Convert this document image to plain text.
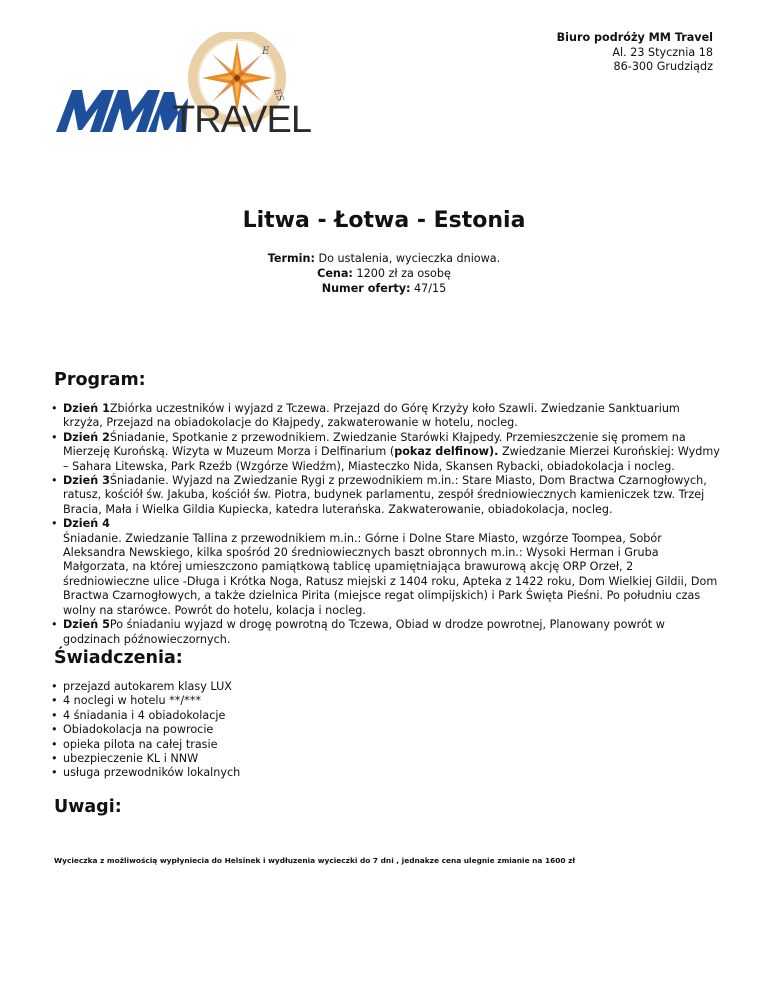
E
ES
TRAVEL
Biuro podróży MM Travel
Al. 23 Stycznia 18
86-300 Grudziądz
Litwa - Łotwa - Estonia
Termin: Do ustalenia, wycieczka dniowa.
Cena: 1200 zł za osobę
Numer oferty: 47/15
Program:
• Dzień 1Zbiórka uczestników i wyjazd z Tczewa. Przejazd do Górę Krzyży koło Szawli. Zwiedzanie Sanktuarium krzyża, Przejazd na obiadokolacje do Kłajpedy, zakwaterowanie w hotelu, nocleg.
• Dzień 2Śniadanie, Spotkanie z przewodnikiem. Zwiedzanie Starówki Kłajpedy. Przemieszczenie się promem na Mierzeję Kurońską. Wizyta w Muzeum Morza i Delfinarium (pokaz delfinow). Zwiedzanie Mierzei Kurońskiej: Wydmy – Sahara Litewska, Park Rzeźb (Wzgórze Wiedźm), Miasteczko Nida, Skansen Rybacki, obiadokolacja i nocleg.
• Dzień 3Śniadanie. Wyjazd na Zwiedzanie Rygi z przewodnikiem m.in.: Stare Miasto, Dom Bractwa Czarnogłowych, ratusz, kościół św. Jakuba, kościół św. Piotra, budynek parlamentu, zespół średniowiecznych kamieniczek tzw. Trzej Bracia, Mała i Wielka Gildia Kupiecka, katedra luterańska. Zakwaterowanie, obiadokolacja, nocleg.
• Dzień 4
Śniadanie. Zwiedzanie Tallina z przewodnikiem m.in.: Górne i Dolne Stare Miasto, wzgórze Toompea, Sobór Aleksandra Newskiego, kilka spośród 20 średniowiecznych baszt obronnych m.in.: Wysoki Herman i Gruba Małgorzata, na której umieszczono pamiątkową tablicę upamiętniająca brawurową akcję ORP Orzeł, 2 średniowieczne ulice -Długa i Krótka Noga, Ratusz miejski z 1404 roku, Apteka z 1422 roku, Dom Wielkiej Gildii, Dom Bractwa Czarnogłowych, a także dzielnica Pirita (miejsce regat olimpijskich) i Park Święta Pieśni. Po południu czas wolny na starówce. Powrót do hotelu, kolacja i nocleg.
• Dzień 5Po śniadaniu wyjazd w drogę powrotną do Tczewa, Obiad w drodze powrotnej, Planowany powrót w godzinach późnowieczornych.
Świadczenia:
• przejazd autokarem klasy LUX
• 4 noclegi w hotelu **/***
• 4 śniadania i 4 obiadokolacje
• Obiadokolacja na powrocie
• opieka pilota na całej trasie
• ubezpieczenie KL i NNW
• usługa przewodników lokalnych
Uwagi:
Wycieczka z możliwością wypłyniecia do Helsinek i wydłuzenia wycieczki do 7 dni , jednakze cena ulegnie zmianie na 1600 zł
